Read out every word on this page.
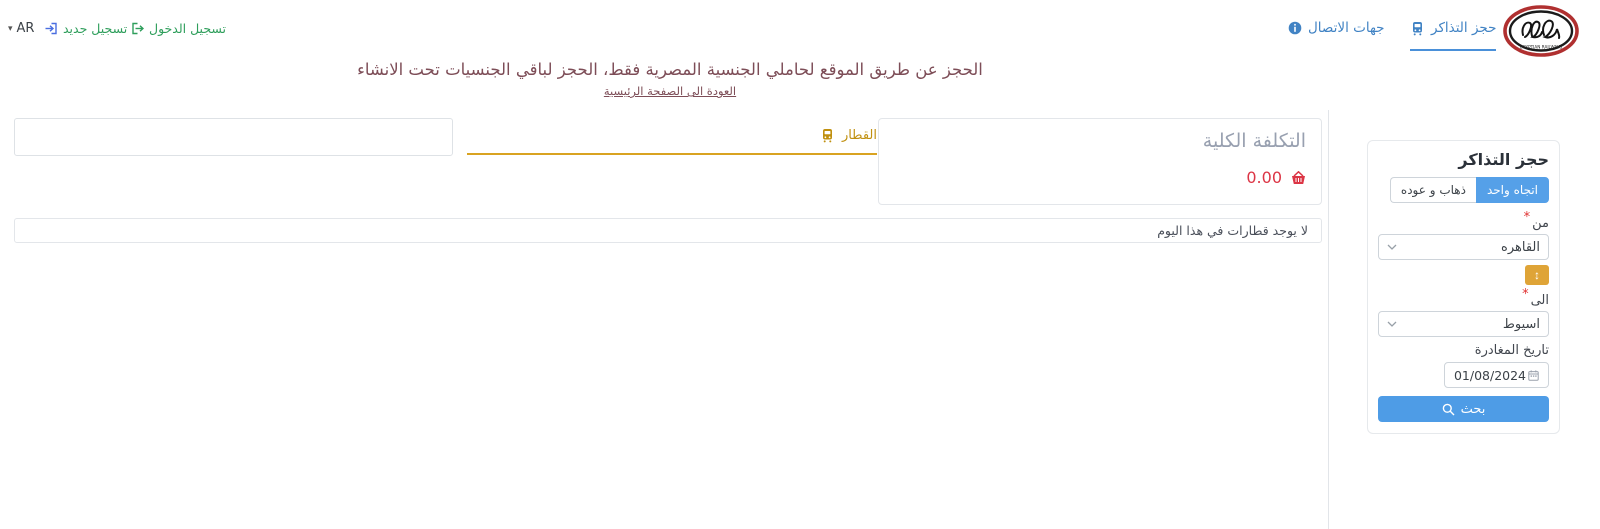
▾ AR تسجيل جديد تسجيل الدخول	جهات الاتصال	حجز التذاكر
EGYPTIAN RAILWAYS
الحجز عن طريق الموقع لحاملي الجنسية المصرية فقط، الحجز لباقي الجنسيات تحت الانشاء
العودة الى الصفحة الرئيسية
القطار	التكلفة الكلية
0.00
لا يوجد قطارات في هذا اليوم
حجز التذاكر
اتجاه واحد
ذهاب و عوده
من*
القاهره
↕
الى*
اسيوط
تاريخ المغادرة
01/08/2024
بحث
